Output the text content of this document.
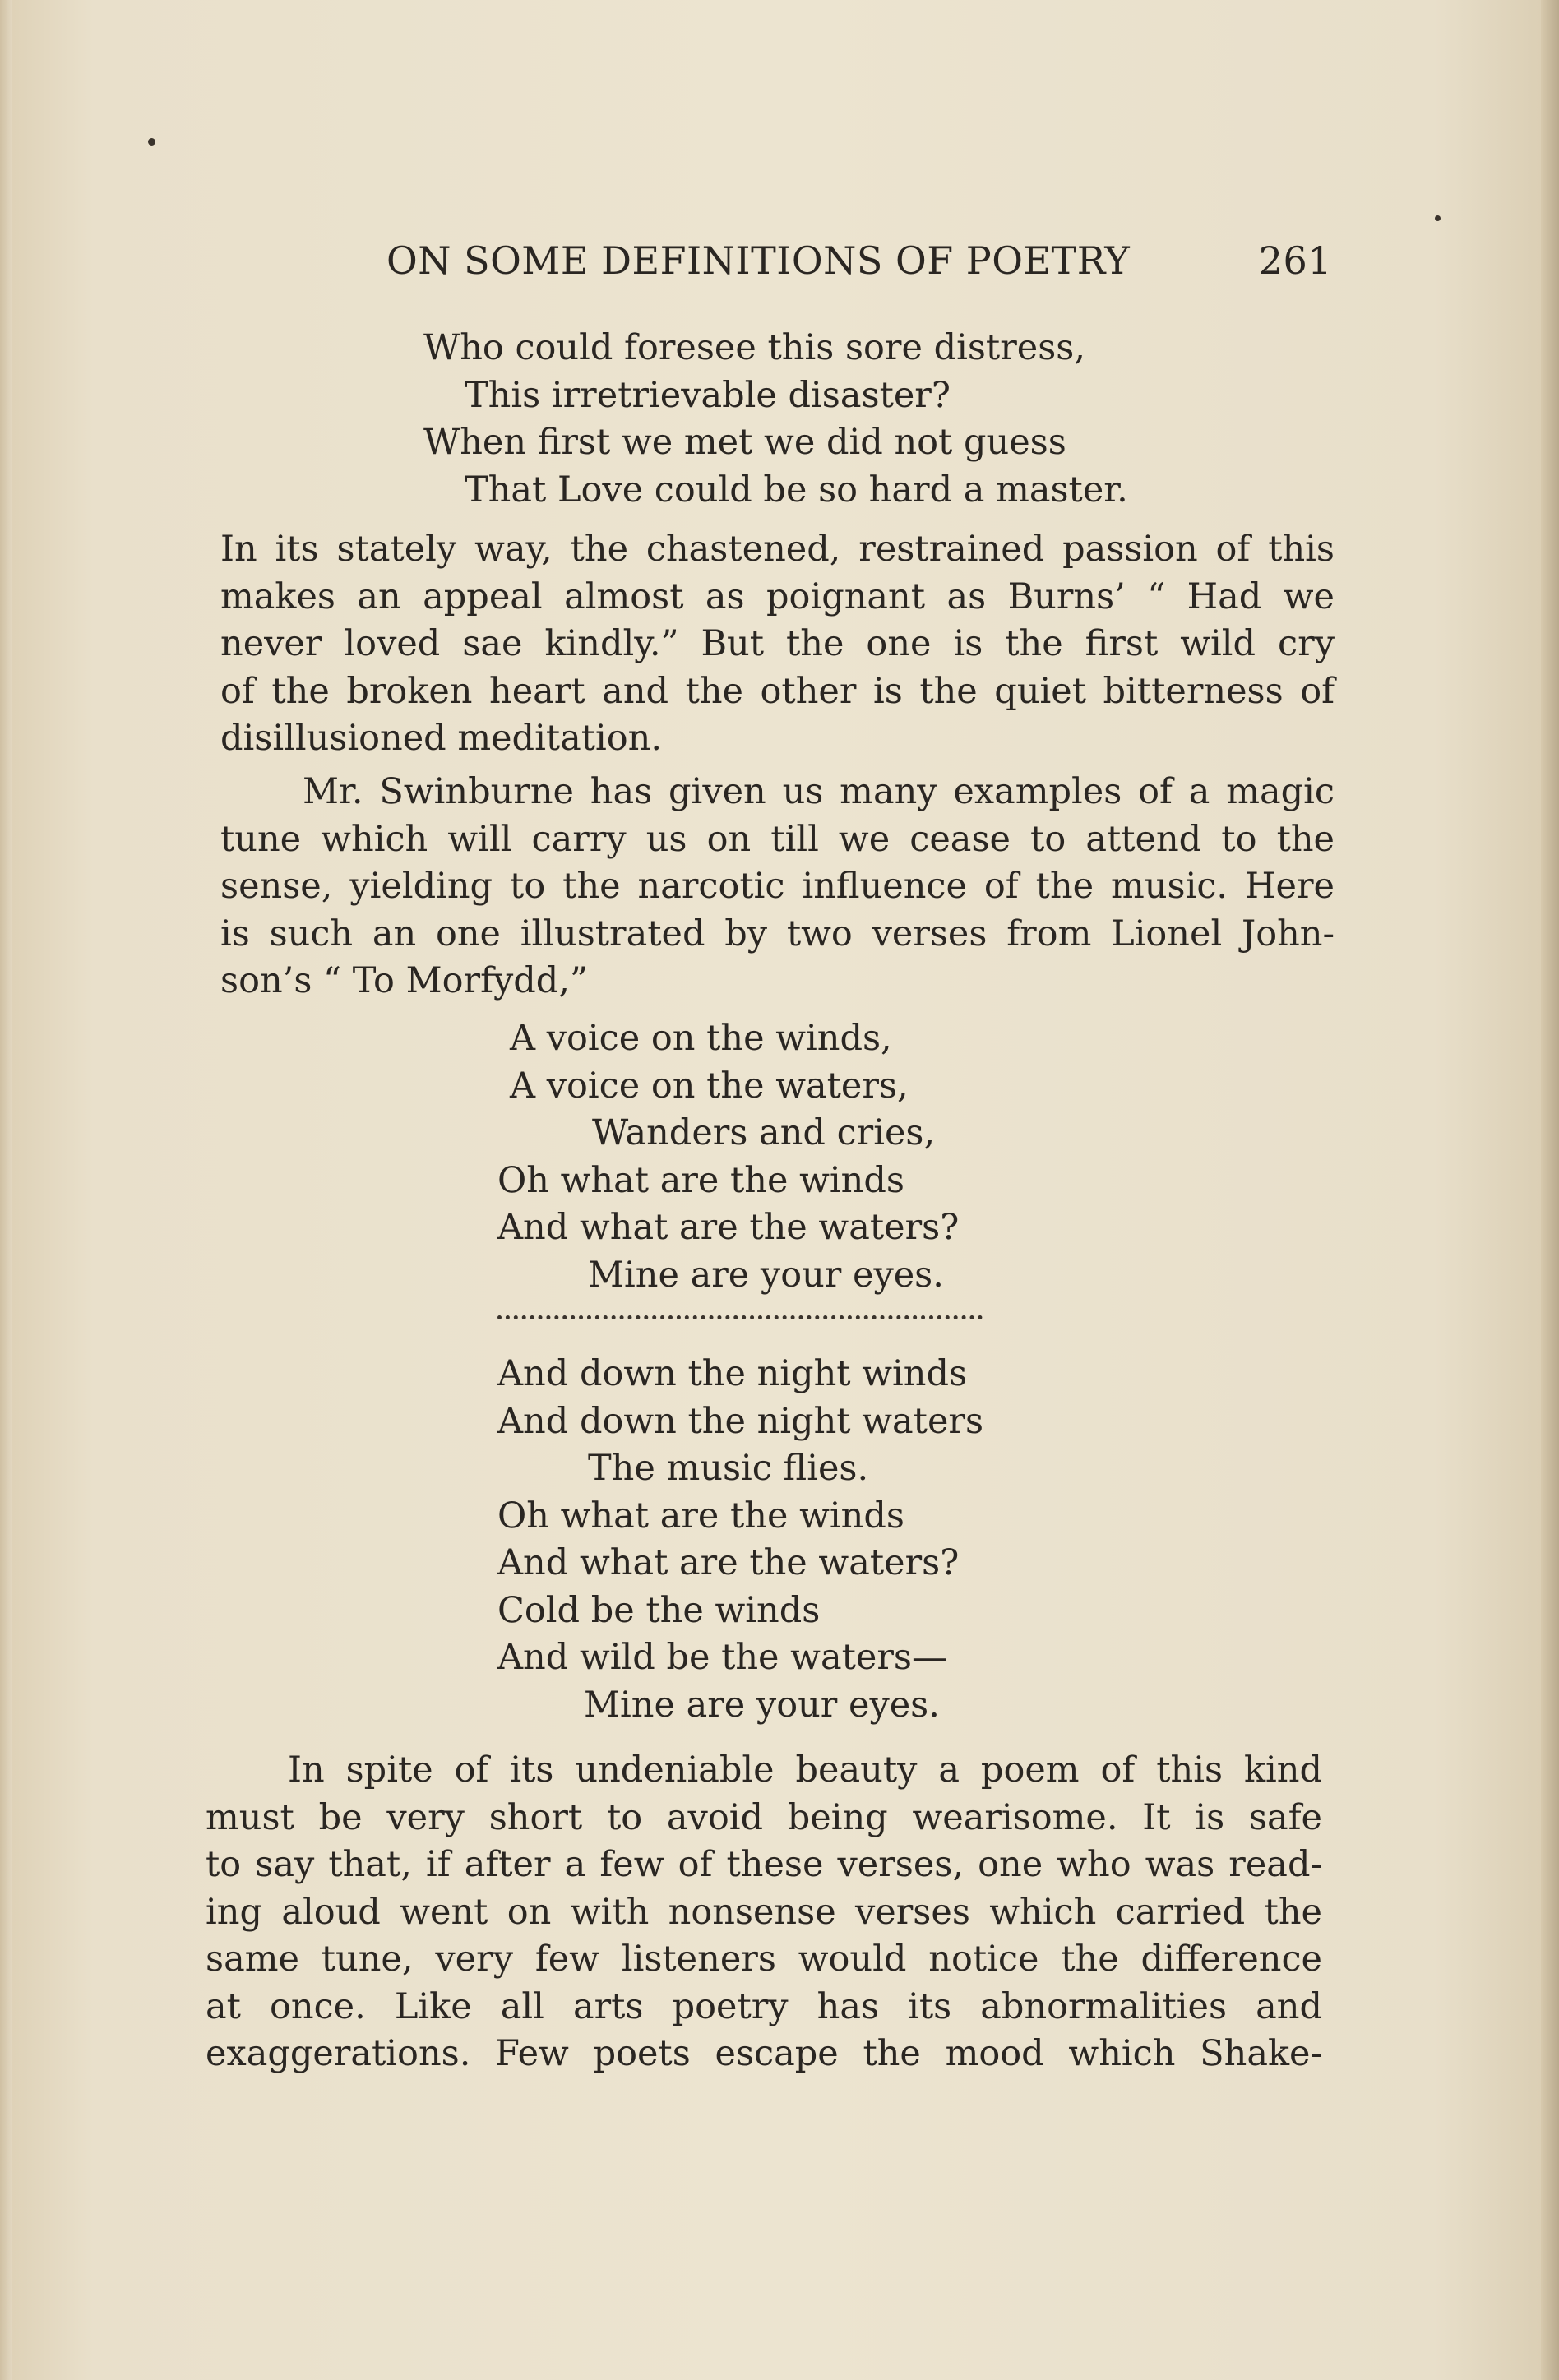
ON SOME DEFINITIONS OF POETRY	261
Who could foresee this sore distress,
This irretrievable disaster?
When first we met we did not guess
That Love could be so hard a master.

In its stately way, the chastened, restrained passion of this

makes an appeal almost as poignant as Burns’ “ Had we

never loved sae kindly.” But the one is the first wild cry

of the broken heart and the other is the quiet bitterness of

disillusioned meditation.

Mr. Swinburne has given us many examples of a magic

tune which will carry us on till we cease to attend to the

sense, yielding to the narcotic influence of the music. Here

is such an one illustrated by two verses from Lionel John-

son’s “ To Morfydd,”

A voice on the winds,
A voice on the waters,
Wanders and cries,
Oh what are the winds
And what are the waters?
Mine are your eyes.
And down the night winds
And down the night waters
The music flies.
Oh what are the winds
And what are the waters?
Cold be the winds
And wild be the waters—
Mine are your eyes.

In spite of its undeniable beauty a poem of this kind

must be very short to avoid being wearisome. It is safe

to say that, if after a few of these verses, one who was read-

ing aloud went on with nonsense verses which carried the

same tune, very few listeners would notice the difference

at once. Like all arts poetry has its abnormalities and

exaggerations. Few poets escape the mood which Shake-
